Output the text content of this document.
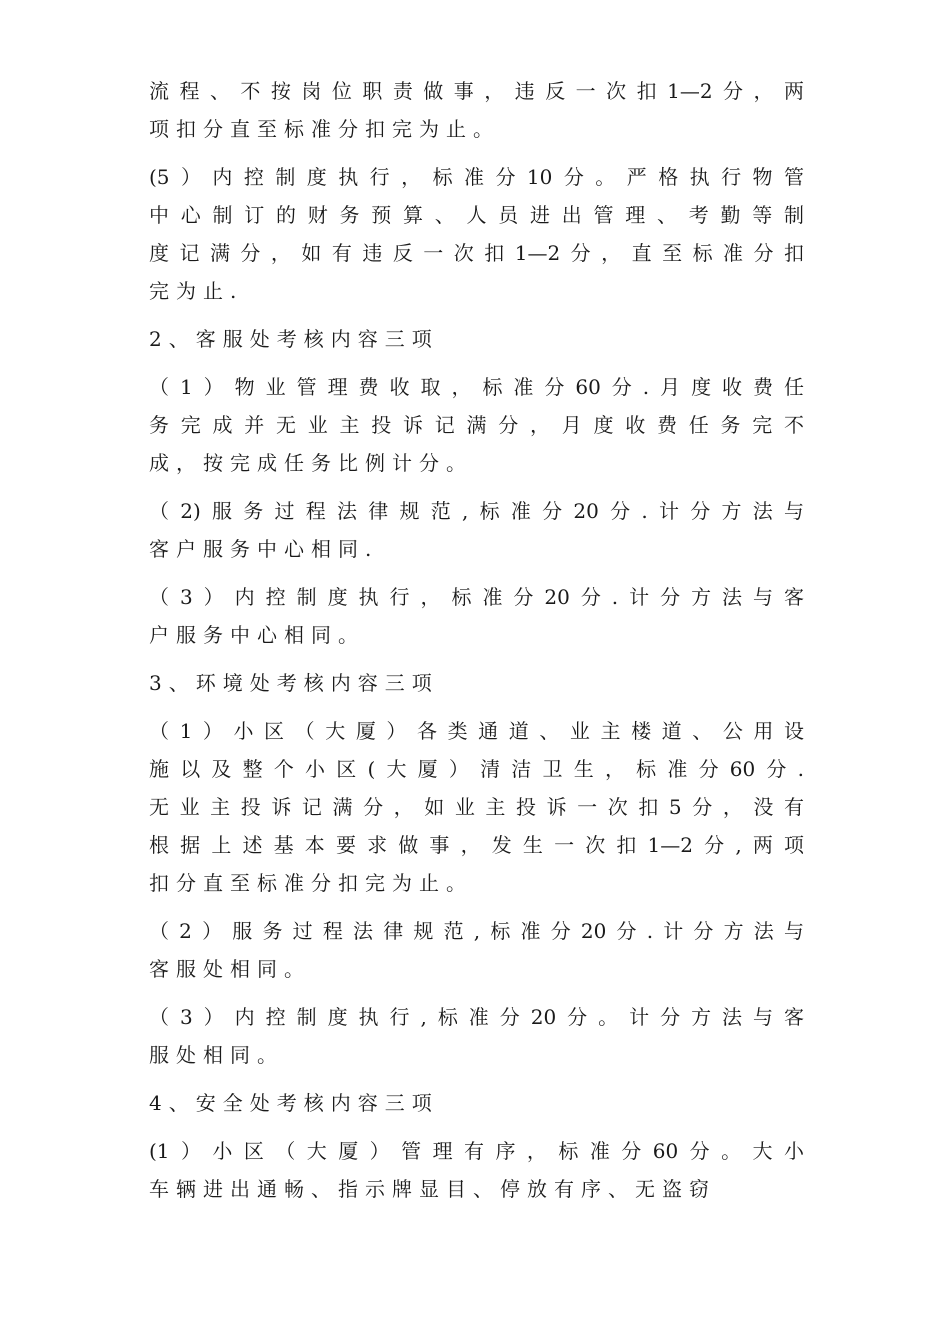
流程、不按岗位职责做事，违反一次扣1—2分，两
项扣分直至标准分扣完为止。
(5）内控制度执行，标准分10分。严格执行物管
中心制订的财务预算、人员进出管理、考勤等制
度记满分，如有违反一次扣1—2分，直至标准分扣
完为止.
2、客服处考核内容三项
（1）物业管理费收取，标准分60分.月度收费任
务完成并无业主投诉记满分，月度收费任务完不
成，按完成任务比例计分。
（2)服务过程法律规范,标准分20分.计分方法与
客户服务中心相同.
（3）内控制度执行，标准分20分.计分方法与客
户服务中心相同。
3、环境处考核内容三项
（1）小区（大厦）各类通道、业主楼道、公用设
施以及整个小区(大厦）清洁卫生，标准分60分.
无业主投诉记满分，如业主投诉一次扣5分，没有
根据上述基本要求做事，发生一次扣1—2分,两项
扣分直至标准分扣完为止。
（2）服务过程法律规范,标准分20分.计分方法与
客服处相同。
（3）内控制度执行,标准分20分。计分方法与客
服处相同。
4、安全处考核内容三项
(1）小区（大厦）管理有序，标准分60分。大小
车辆进出通畅、指示牌显目、停放有序、无盗窃
